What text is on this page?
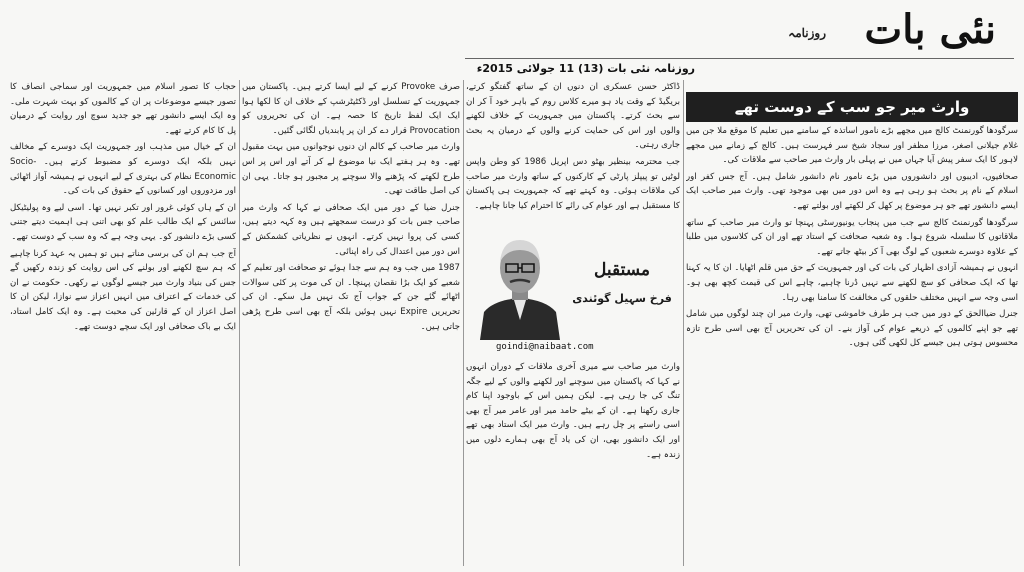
روزنامہ نئی بات
روزنامہ نئی بات (13) 11 جولائی 2015ء
وارث میر جو سب کے دوست تھے

سرگودھا گورنمنٹ کالج میں مجھے بڑے نامور اساتذہ کے سامنے میں تعلیم کا موقع ملا جن میں غلام جیلانی اصغر، مرزا مظفر اور سجاد شیخ سر فہرست ہیں۔ کالج کے زمانے میں مجھے لاہور کا ایک سفر پیش آیا جہاں میں نے پہلی بار وارث میر صاحب سے ملاقات کی۔

صحافیوں، ادیبوں اور دانشوروں میں بڑے نامور نام دانشور شامل ہیں۔ آج جس کفر اور اسلام کے نام پر بحث ہو رہی ہے وہ اس دور میں بھی موجود تھی۔ وارث میر صاحب ایک ایسے دانشور تھے جو ہر موضوع پر کھل کر لکھتے اور بولتے تھے۔

سرگودھا گورنمنٹ کالج سے جب میں پنجاب یونیورسٹی پہنچا تو وارث میر صاحب کے ساتھ ملاقاتوں کا سلسلہ شروع ہوا۔ وہ شعبہ صحافت کے استاد تھے اور ان کی کلاسوں میں طلبا کے علاوہ دوسرے شعبوں کے لوگ بھی آ کر بیٹھ جاتے تھے۔

انہوں نے ہمیشہ آزادی اظہار کی بات کی اور جمہوریت کے حق میں قلم اٹھایا۔ ان کا یہ کہنا تھا کہ ایک صحافی کو سچ لکھنے سے نہیں ڈرنا چاہیے، چاہے اس کی قیمت کچھ بھی ہو۔ اسی وجہ سے انہیں مختلف حلقوں کی مخالفت کا سامنا بھی رہا۔

جنرل ضیاالحق کے دور میں جب ہر طرف خاموشی تھی، وارث میر ان چند لوگوں میں شامل تھے جو اپنے کالموں کے ذریعے عوام کی آواز بنے۔ ان کی تحریریں آج بھی اسی طرح تازہ محسوس ہوتی ہیں جیسے کل لکھی گئی ہوں۔

ڈاکٹر حسن عسکری ان دنوں ان کے ساتھ گفتگو کرتے، بریگیڈ کے وقت یاد ہو میرے کلاس روم کے باہر خود آ کر ان سے بحث کرتے۔ پاکستان میں جمہوریت کے خلاف لکھنے والوں اور اس کی حمایت کرنے والوں کے درمیان یہ بحث جاری رہتی۔

جب محترمہ بینظیر بھٹو دس اپریل 1986 کو وطن واپس لوٹیں تو پیپلز پارٹی کے کارکنوں کے ساتھ وارث میر صاحب کی ملاقات ہوئی۔ وہ کہتے تھے کہ جمہوریت ہی پاکستان کا مستقبل ہے اور عوام کی رائے کا احترام کیا جانا چاہیے۔

مستقبل
فرخ سہیل گوئندی
goindi@naibaat.com

وارث میر صاحب سے میری آخری ملاقات کے دوران انہوں نے کہا کہ پاکستان میں سوچنے اور لکھنے والوں کے لیے جگہ تنگ کی جا رہی ہے۔ لیکن ہمیں اس کے باوجود اپنا کام جاری رکھنا ہے۔ ان کے بیٹے حامد میر اور عامر میر آج بھی اسی راستے پر چل رہے ہیں۔ وارث میر ایک استاد بھی تھے اور ایک دانشور بھی، ان کی یاد آج بھی ہمارے دلوں میں زندہ ہے۔

صرف Provoke کرنے کے لیے ایسا کرتے ہیں۔ پاکستان میں جمہوریت کے تسلسل اور ڈکٹیٹرشپ کے خلاف ان کا لکھا ہوا ایک ایک لفظ تاریخ کا حصہ ہے۔ ان کی تحریروں کو Provocation قرار دے کر ان پر پابندیاں لگائی گئیں۔

وارث میر صاحب کے کالم ان دنوں نوجوانوں میں بہت مقبول تھے۔ وہ ہر ہفتے ایک نیا موضوع لے کر آتے اور اس پر اس طرح لکھتے کہ پڑھنے والا سوچنے پر مجبور ہو جاتا۔ یہی ان کی اصل طاقت تھی۔

جنرل ضیا کے دور میں ایک صحافی نے کہا کہ وارث میر صاحب جس بات کو درست سمجھتے ہیں وہ کہہ دیتے ہیں، کسی کی پروا نہیں کرتے۔ انہوں نے نظریاتی کشمکش کے اس دور میں اعتدال کی راہ اپنائی۔

1987 میں جب وہ ہم سے جدا ہوئے تو صحافت اور تعلیم کے شعبے کو ایک بڑا نقصان پہنچا۔ ان کی موت پر کئی سوالات اٹھائے گئے جن کے جواب آج تک نہیں مل سکے۔ ان کی تحریریں Expire نہیں ہوئیں بلکہ آج بھی اسی طرح پڑھی جاتی ہیں۔

حجاب کا تصور اسلام میں جمہوریت اور سماجی انصاف کا تصور جیسے موضوعات پر ان کے کالموں کو بہت شہرت ملی۔ وہ ایک ایسے دانشور تھے جو جدید سوچ اور روایت کے درمیان پل کا کام کرتے تھے۔

ان کے خیال میں مذہب اور جمہوریت ایک دوسرے کے مخالف نہیں بلکہ ایک دوسرے کو مضبوط کرتے ہیں۔ Socio-Economic نظام کی بہتری کے لیے انہوں نے ہمیشہ آواز اٹھائی اور مزدوروں اور کسانوں کے حقوق کی بات کی۔

ان کے ہاں کوئی غرور اور تکبر نہیں تھا۔ اسی لیے وہ پولیٹیکل سائنس کے ایک طالب علم کو بھی اتنی ہی اہمیت دیتے جتنی کسی بڑے دانشور کو۔ یہی وجہ ہے کہ وہ سب کے دوست تھے۔

آج جب ہم ان کی برسی مناتے ہیں تو ہمیں یہ عہد کرنا چاہیے کہ ہم سچ لکھنے اور بولنے کی اس روایت کو زندہ رکھیں گے جس کی بنیاد وارث میر جیسے لوگوں نے رکھی۔ حکومت نے ان کی خدمات کے اعتراف میں انہیں اعزاز سے نوازا، لیکن ان کا اصل اعزاز ان کے قارئین کی محبت ہے۔ وہ ایک کامل استاد، ایک بے باک صحافی اور ایک سچے دوست تھے۔
